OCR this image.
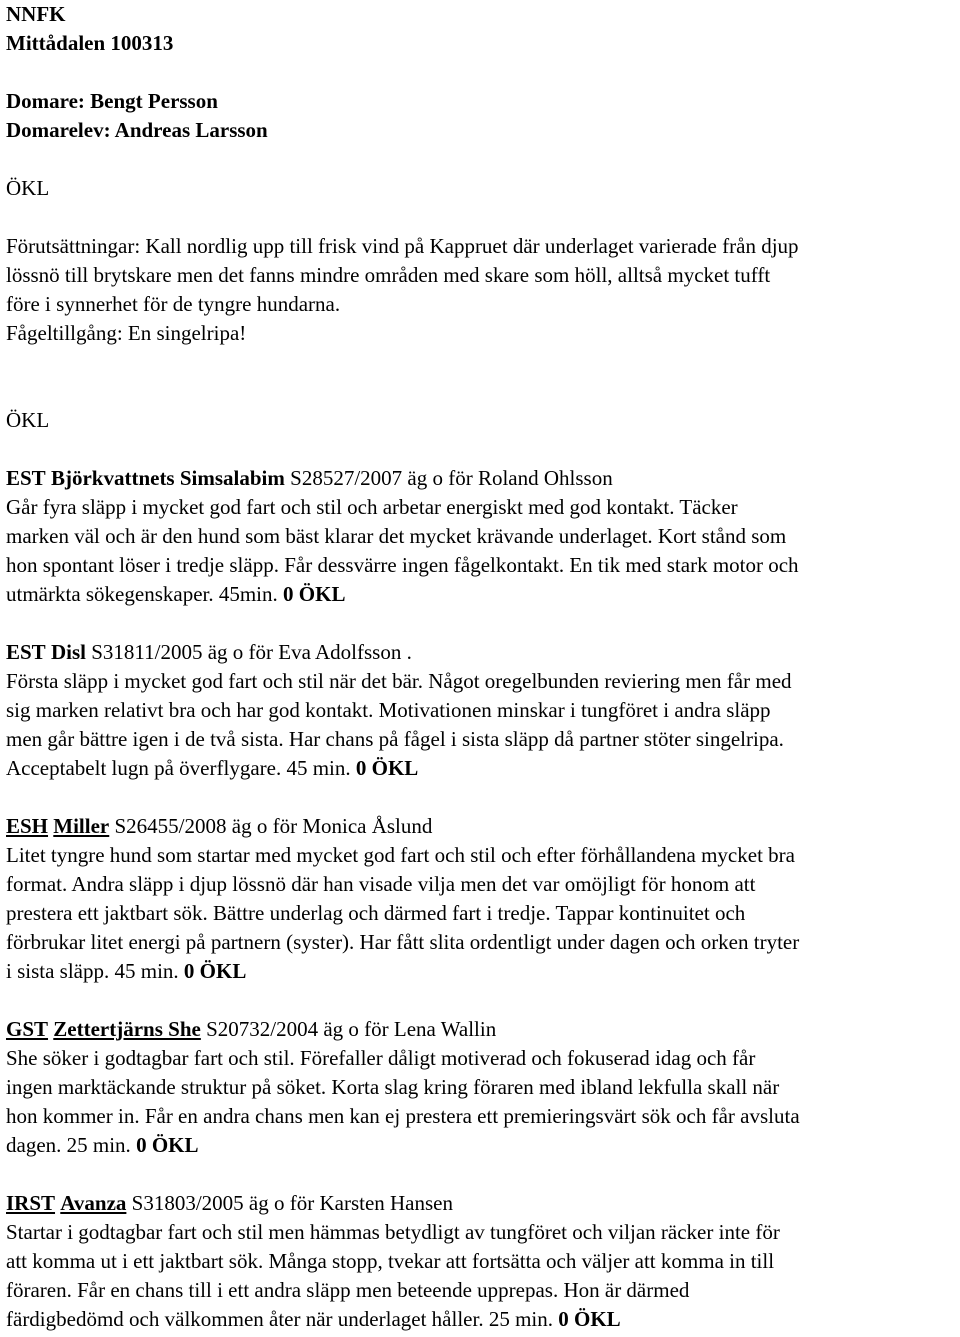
NNFK
Mittådalen 100313
Domare: Bengt Persson
Domarelev: Andreas Larsson
ÖKL
Förutsättningar: Kall nordlig upp till frisk vind på Kappruet där underlaget varierade från djup
lössnö till brytskare men det fanns mindre områden med skare som höll, alltså mycket tufft
före i synnerhet för de tyngre hundarna.
Fågeltillgång: En singelripa!
ÖKL
EST Björkvattnets Simsalabim S28527/2007 äg o för Roland Ohlsson
Går fyra släpp i mycket god fart och stil och arbetar energiskt med god kontakt. Täcker
marken väl och är den hund som bäst klarar det mycket krävande underlaget. Kort stånd som
hon spontant löser i tredje släpp. Får dessvärre ingen fågelkontakt. En tik med stark motor och
utmärkta sökegenskaper. 45min. 0 ÖKL
EST Disl S31811/2005 äg o för Eva Adolfsson .
Första släpp i mycket god fart och stil när det bär. Något oregelbunden reviering men får med
sig marken relativt bra och har god kontakt. Motivationen minskar i tungföret i andra släpp
men går bättre igen i de två sista. Har chans på fågel i sista släpp då partner stöter singelripa.
Acceptabelt lugn på överflygare. 45 min. 0 ÖKL
ESH Miller S26455/2008 äg o för Monica Åslund
Litet tyngre hund som startar med mycket god fart och stil och efter förhållandena mycket bra
format. Andra släpp i djup lössnö där han visade vilja men det var omöjligt för honom att
prestera ett jaktbart sök. Bättre underlag och därmed fart i tredje. Tappar kontinuitet och
förbrukar litet energi på partnern (syster). Har fått slita ordentligt under dagen och orken tryter
i sista släpp. 45 min. 0 ÖKL
GST Zettertjärns She S20732/2004 äg o för Lena Wallin
She söker i godtagbar fart och stil. Förefaller dåligt motiverad och fokuserad idag och får
ingen marktäckande struktur på söket. Korta slag kring föraren med ibland lekfulla skall när
hon kommer in. Får en andra chans men kan ej prestera ett premieringsvärt sök och får avsluta
dagen. 25 min. 0 ÖKL
IRST Avanza S31803/2005 äg o för Karsten Hansen
Startar i godtagbar fart och stil men hämmas betydligt av tungföret och viljan räcker inte för
att komma ut i ett jaktbart sök. Många stopp, tvekar att fortsätta och väljer att komma in till
föraren. Får en chans till i ett andra släpp men beteende upprepas. Hon är därmed
färdigbedömd och välkommen åter när underlaget håller. 25 min. 0 ÖKL
